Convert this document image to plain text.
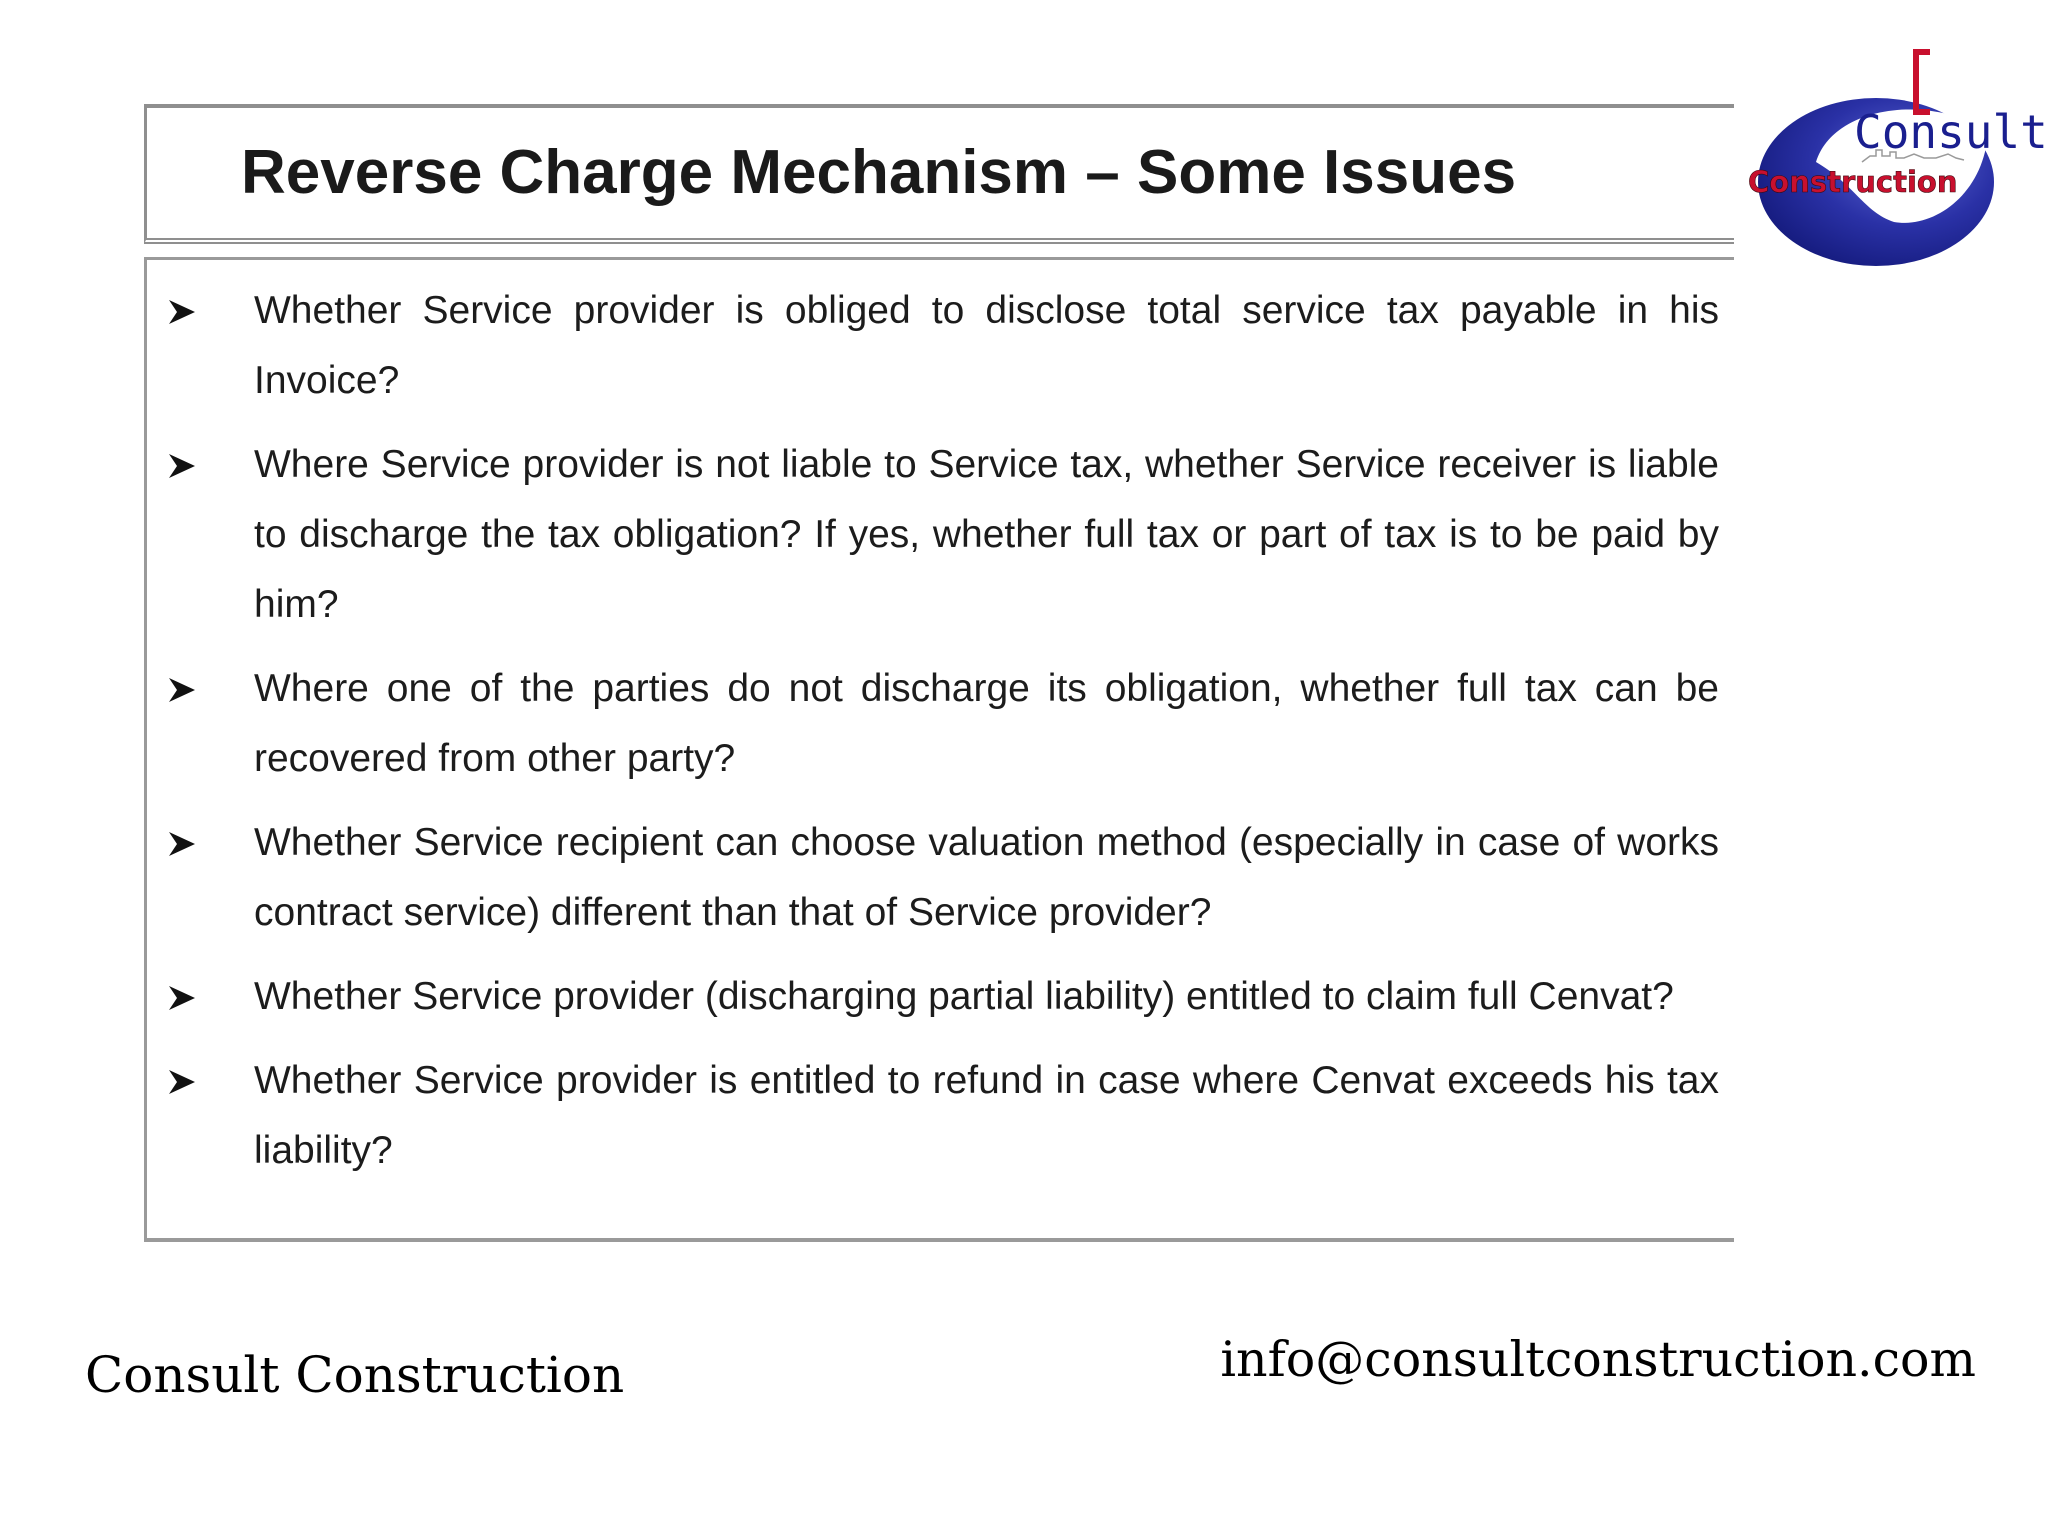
Consult
Construction
Reverse Charge Mechanism – Some Issues
Whether Service provider is obliged to disclose total service tax payable in his Invoice?
Where Service provider is not liable to Service tax, whether Service receiver is liable to discharge the tax obligation? If yes, whether full tax or part of tax is to be paid by him?
Where one of the parties do not discharge its obligation, whether full tax can be recovered from other party?
Whether Service recipient can choose valuation method (especially in case of works contract service) different than that of Service provider?
Whether Service provider (discharging partial liability) entitled to claim full Cenvat?
Whether Service provider is entitled to refund in case where Cenvat exceeds his tax liability?
Consult Construction	info@consultconstruction.com
